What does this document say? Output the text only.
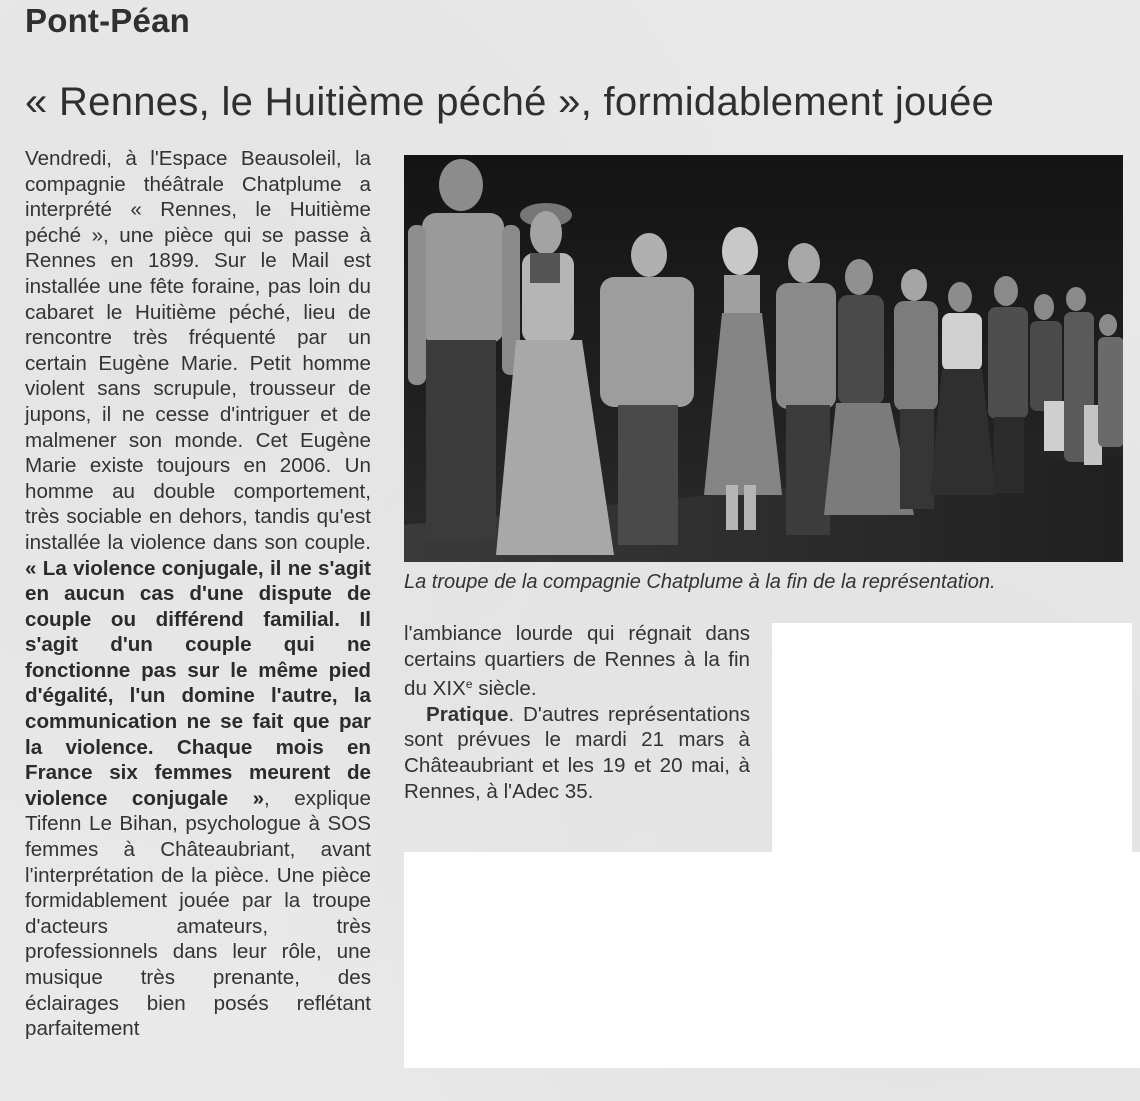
Pont-Péan
« Rennes, le Huitième péché », formidablement jouée

Vendredi, à l'Espace Beausoleil, la compagnie théâtrale Chatplume a interprété « Rennes, le Huitième péché », une pièce qui se passe à Rennes en 1899. Sur le Mail est installée une fête foraine, pas loin du cabaret le Huitième péché, lieu de rencontre très fréquenté par un certain Eugène Marie. Petit homme violent sans scrupule, trousseur de jupons, il ne cesse d'intriguer et de malmener son monde. Cet Eugène Marie existe toujours en 2006. Un homme au double comportement, très sociable en dehors, tandis qu'est installée la violence dans son couple. « La violence conjugale, il ne s'agit en aucun cas d'une dispute de couple ou différend familial. Il s'agit d'un couple qui ne fonctionne pas sur le même pied d'égalité, l'un domine l'autre, la communication ne se fait que par la violence. Chaque mois en France six femmes meurent de violence conjugale », explique Tifenn Le Bihan, psychologue à SOS femmes à Châteaubriant, avant l'interprétation de la pièce. Une pièce formidablement jouée par la troupe d'acteurs amateurs, très professionnels dans leur rôle, une musique très prenante, des éclairages bien posés reflétant parfaitement

La troupe de la compagnie Chatplume à la fin de la représentation.

l'ambiance lourde qui régnait dans certains quartiers de Rennes à la fin du XIXe siècle.

Pratique. D'autres représentations sont prévues le mardi 21 mars à Châteaubriant et les 19 et 20 mai, à Rennes, à l'Adec 35.
